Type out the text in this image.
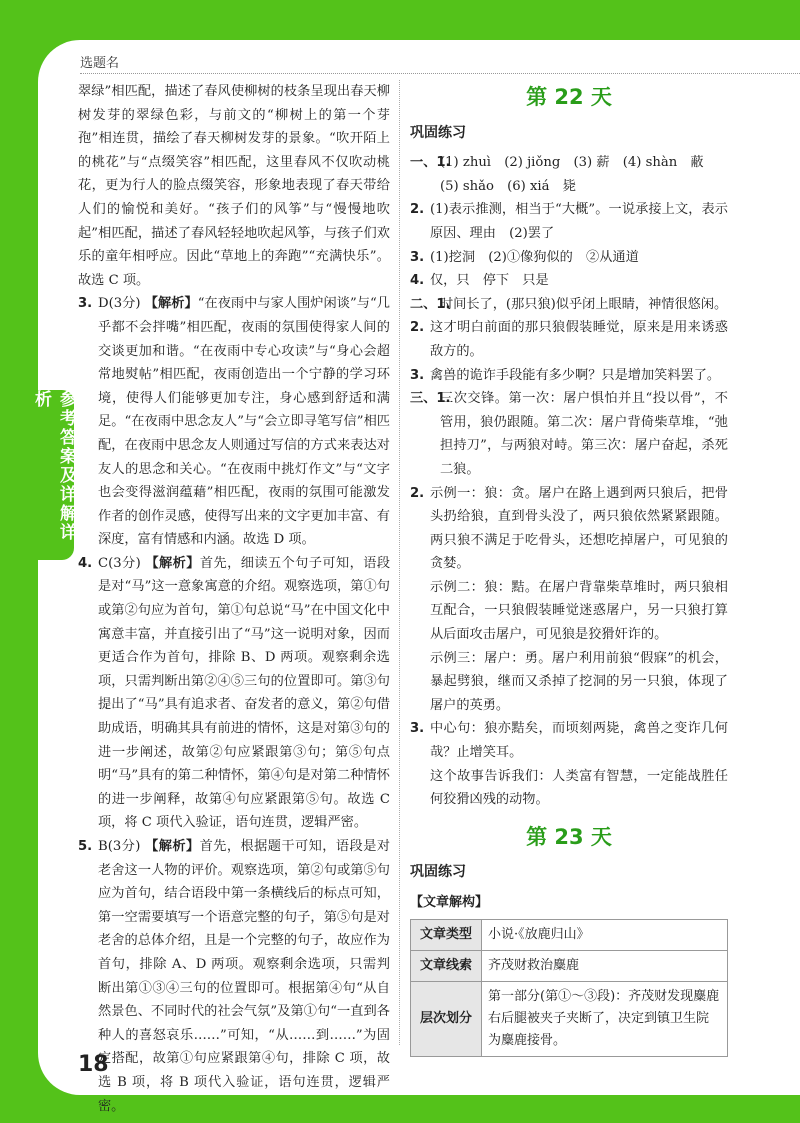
选题名
参考答案及详解详析

翠绿”相匹配，描述了春风使柳树的枝条呈现出春天柳树发芽的翠绿色彩，与前文的“柳树上的第一个芽孢”相连贯，描绘了春天柳树发芽的景象。“吹开陌上的桃花”与“点缀笑容”相匹配，这里春风不仅吹动桃花，更为行人的脸点缀笑容，形象地表现了春天带给人们的愉悦和美好。“孩子们的风筝”与“慢慢地吹起”相匹配，描述了春风轻轻地吹起风筝，与孩子们欢乐的童年相呼应。因此“草地上的奔跑”“充满快乐”。故选 C 项。

3. D(3分) 【解析】“在夜雨中与家人围炉闲谈”与“几乎都不会拌嘴”相匹配，夜雨的氛围使得家人间的交谈更加和谐。“在夜雨中专心攻读”与“身心会超常地熨帖”相匹配，夜雨创造出一个宁静的学习环境，使得人们能够更加专注，身心感到舒适和满足。“在夜雨中思念友人”与“会立即寻笔写信”相匹配，在夜雨中思念友人则通过写信的方式来表达对友人的思念和关心。“在夜雨中挑灯作文”与“文字也会变得滋润蕴藉”相匹配，夜雨的氛围可能激发作者的创作灵感，使得写出来的文字更加丰富、有深度，富有情感和内涵。故选 D 项。

4. C(3分) 【解析】首先，细读五个句子可知，语段是对“马”这一意象寓意的介绍。观察选项，第①句或第②句应为首句，第①句总说“马”在中国文化中寓意丰富，并直接引出了“马”这一说明对象，因而更适合作为首句，排除 B、D 两项。观察剩余选项，只需判断出第②④⑤三句的位置即可。第③句提出了“马”具有追求者、奋发者的意义，第②句借助成语，明确其具有前进的情怀，这是对第③句的进一步阐述，故第②句应紧跟第③句；第⑤句点明“马”具有的第二种情怀，第④句是对第二种情怀的进一步阐释，故第④句应紧跟第⑤句。故选 C 项，将 C 项代入验证，语句连贯，逻辑严密。

5. B(3分) 【解析】首先，根据题干可知，语段是对老舍这一人物的评价。观察选项，第②句或第⑤句应为首句，结合语段中第一条横线后的标点可知，第一空需要填写一个语意完整的句子，第⑤句是对老舍的总体介绍，且是一个完整的句子，故应作为首句，排除 A、D 两项。观察剩余选项，只需判断出第①③④三句的位置即可。根据第④句“从自然景色、不同时代的社会气氛”及第①句“一直到各种人的喜怒哀乐……”可知，“从……到……”为固定搭配，故第①句应紧跟第④句，排除 C 项，故选 B 项，将 B 项代入验证，语句连贯，逻辑严密。

第 22 天
巩固练习
一、1.

(1) zhuì　(2) jiǒng　(3) 薪　(4) shàn　蔽

(5) shǎo　(6) xiá　毙

2. (1)表示推测，相当于“大概”。一说承接上文，表示原因、理由　(2)罢了

3. (1)挖洞　(2)①像狗似的　②从通道

4. 仅，只　停下　只是

二、1.

时间长了，(那只狼)似乎闭上眼睛，神情很悠闲。

2. 这才明白前面的那只狼假装睡觉，原来是用来诱惑敌方的。

3. 禽兽的诡诈手段能有多少啊？只是增加笑料罢了。

三、1.

三次交锋。第一次：屠户惧怕并且“投以骨”，不管用，狼仍跟随。第二次：屠户背倚柴草堆，“弛担持刀”，与两狼对峙。第三次：屠户奋起，杀死二狼。

2. 示例一：狼：贪。屠户在路上遇到两只狼后，把骨头扔给狼，直到骨头没了，两只狼依然紧紧跟随。两只狼不满足于吃骨头，还想吃掉屠户，可见狼的贪婪。

示例二：狼：黠。在屠户背靠柴草堆时，两只狼相互配合，一只狼假装睡觉迷惑屠户，另一只狼打算从后面攻击屠户，可见狼是狡猾奸诈的。

示例三：屠户：勇。屠户利用前狼“假寐”的机会，暴起劈狼，继而又杀掉了挖洞的另一只狼，体现了屠户的英勇。

3. 中心句：狼亦黠矣，而顷刻两毙，禽兽之变诈几何哉？止增笑耳。

这个故事告诉我们：人类富有智慧，一定能战胜任何狡猾凶残的动物。

第 23 天
巩固练习
【文章解构】
文章类型	小说·《放鹿归山》
文章线索	齐茂财救治麋鹿
层次划分	第一部分(第①～③段)：齐茂财发现麋鹿右后腿被夹子夹断了，决定到镇卫生院为麋鹿接骨。
18
